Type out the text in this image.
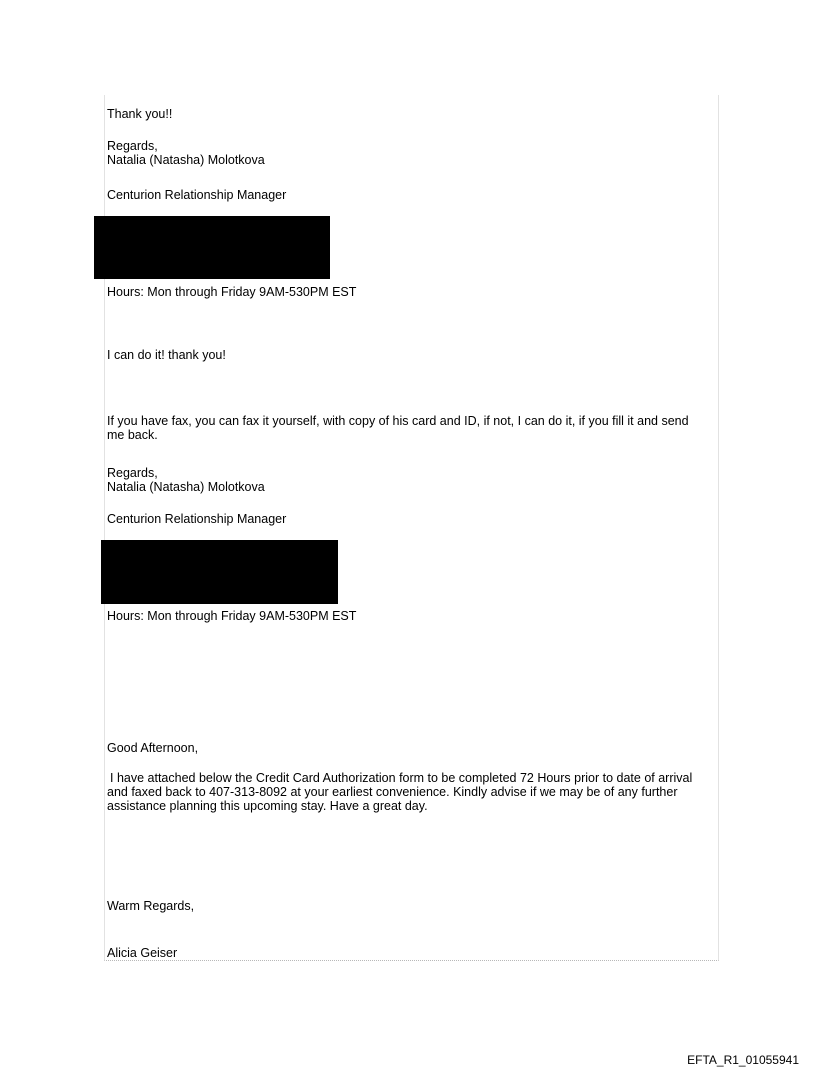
Thank you!!
Regards,
Natalia (Natasha) Molotkova
Centurion Relationship Manager
Hours: Mon through Friday 9AM-530PM EST
I can do it! thank you!
If you have fax, you can fax it yourself, with copy of his card and ID, if not, I can do it, if you fill it and send me back.
Regards,
Natalia (Natasha) Molotkova
Centurion Relationship Manager
Hours: Mon through Friday 9AM-530PM EST
Good Afternoon,
I have attached below the Credit Card Authorization form to be completed 72 Hours prior to date of arrival and faxed back to 407-313-8092 at your earliest convenience. Kindly advise if we may be of any further assistance planning this upcoming stay. Have a great day.
Warm Regards,
Alicia Geiser
EFTA_R1_01055941
